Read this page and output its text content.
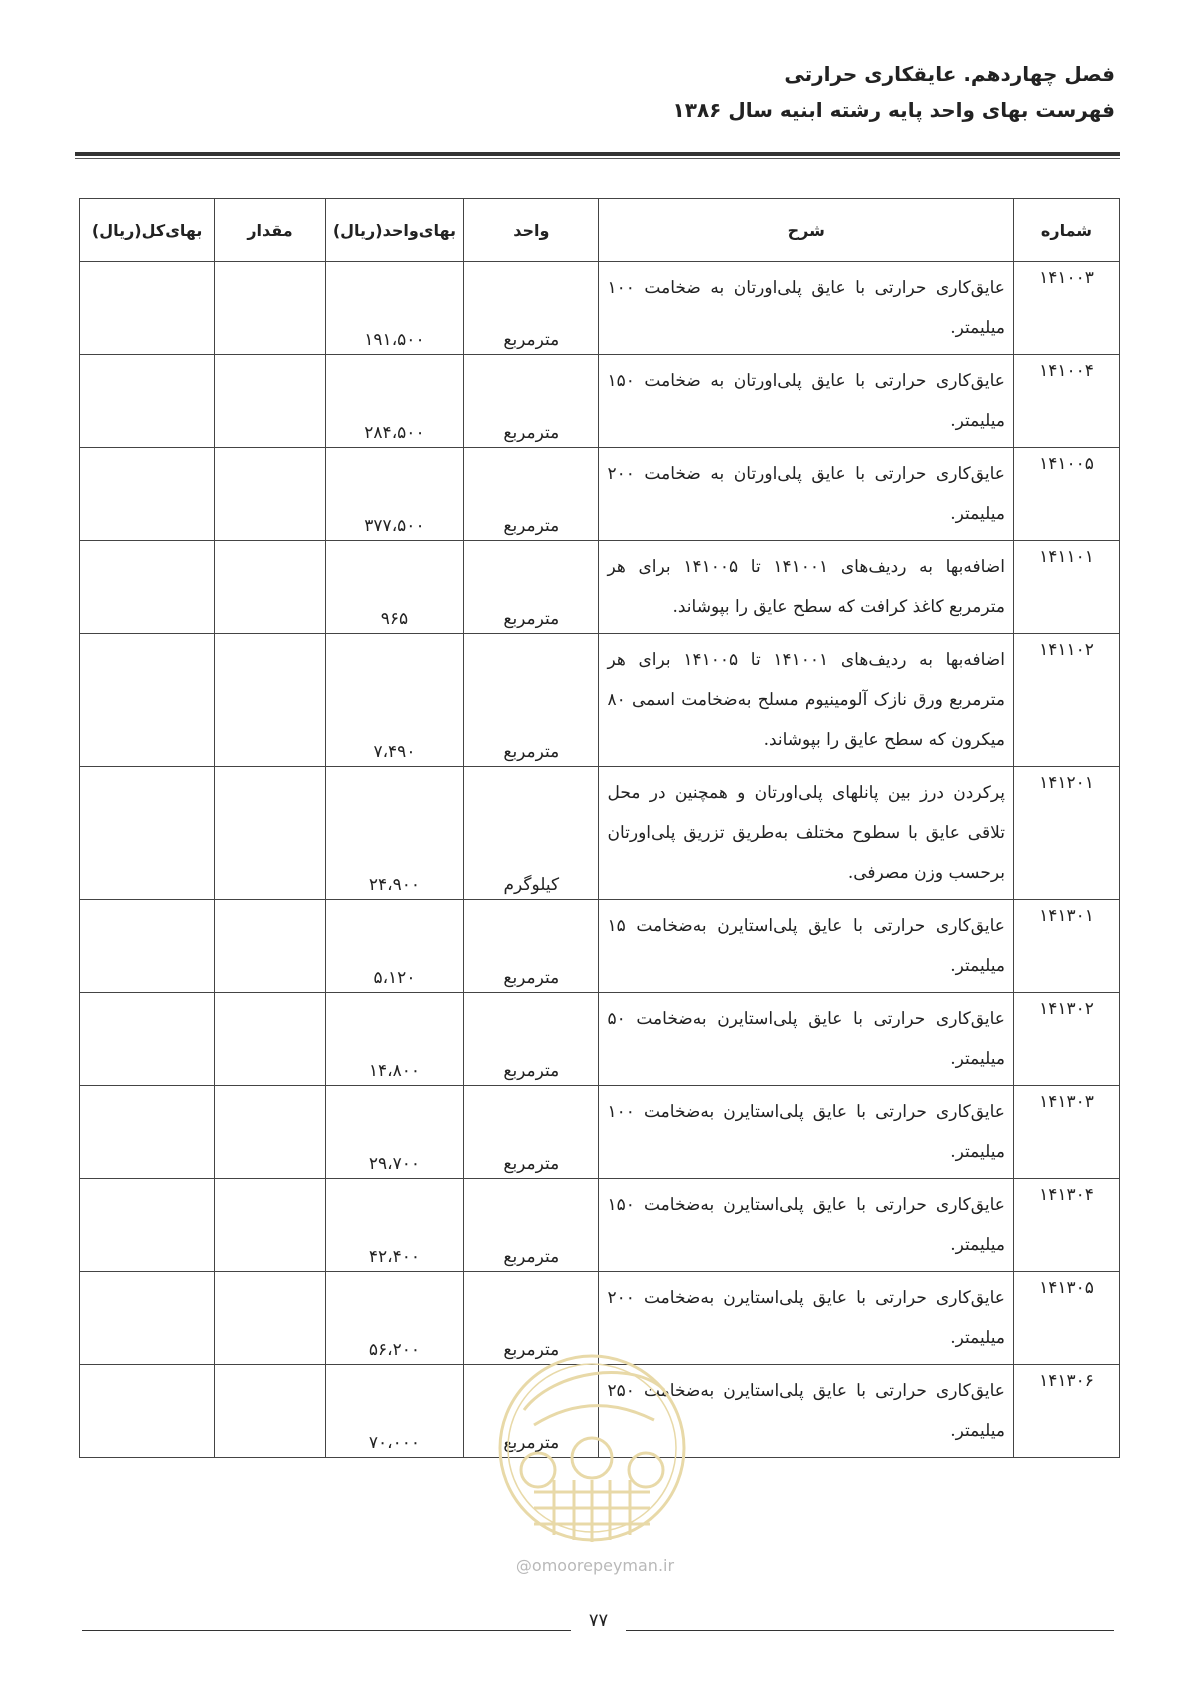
فصل چهاردهم. عایقکاری حرارتی

فهرست بهای واحد پایه رشته ابنیه سال ۱۳۸۶

شماره	شرح	واحد	بهای‌واحد(ریال)	مقدار	بهای‌کل(ریال)
۱۴۱۰۰۳	عایق‌کاری حرارتی با عایق پلی‌اورتان به ضخامت ۱۰۰ میلیمتر.	مترمربع	۱۹۱،۵۰۰		
۱۴۱۰۰۴	عایق‌کاری حرارتی با عایق پلی‌اورتان به ضخامت ۱۵۰ میلیمتر.	مترمربع	۲۸۴،۵۰۰		
۱۴۱۰۰۵	عایق‌کاری حرارتی با عایق پلی‌اورتان به ضخامت ۲۰۰ میلیمتر.	مترمربع	۳۷۷،۵۰۰		
۱۴۱۱۰۱	اضافه‌بها به ردیف‌های ۱۴۱۰۰۱ تا ۱۴۱۰۰۵ برای هر مترمربع کاغذ کرافت که سطح عایق را بپوشاند.	مترمربع	۹۶۵		
۱۴۱۱۰۲	اضافه‌بها به ردیف‌های ۱۴۱۰۰۱ تا ۱۴۱۰۰۵ برای هر مترمربع ورق نازک آلومینیوم مسلح به‌ضخامت اسمی ۸۰ میکرون که سطح عایق را بپوشاند.	مترمربع	۷،۴۹۰		
۱۴۱۲۰۱	پرکردن درز بین پانلهای پلی‌اورتان و همچنین در محل تلاقی عایق با سطوح مختلف به‌طریق تزریق پلی‌اورتان برحسب وزن مصرفی.	کیلوگرم	۲۴،۹۰۰		
۱۴۱۳۰۱	عایق‌کاری حرارتی با عایق پلی‌استایرن به‌ضخامت ۱۵ میلیمتر.	مترمربع	۵،۱۲۰		
۱۴۱۳۰۲	عایق‌کاری حرارتی با عایق پلی‌استایرن به‌ضخامت ۵۰ میلیمتر.	مترمربع	۱۴،۸۰۰		
۱۴۱۳۰۳	عایق‌کاری حرارتی با عایق پلی‌استایرن به‌ضخامت ۱۰۰ میلیمتر.	مترمربع	۲۹،۷۰۰		
۱۴۱۳۰۴	عایق‌کاری حرارتی با عایق پلی‌استایرن به‌ضخامت ۱۵۰ میلیمتر.	مترمربع	۴۲،۴۰۰		
۱۴۱۳۰۵	عایق‌کاری حرارتی با عایق پلی‌استایرن به‌ضخامت ۲۰۰ میلیمتر.	مترمربع	۵۶،۲۰۰		
۱۴۱۳۰۶	عایق‌کاری حرارتی با عایق پلی‌استایرن به‌ضخامت ۲۵۰ میلیمتر.	مترمربع	۷۰،۰۰۰		
@omoorepeyman.ir
۷۷
